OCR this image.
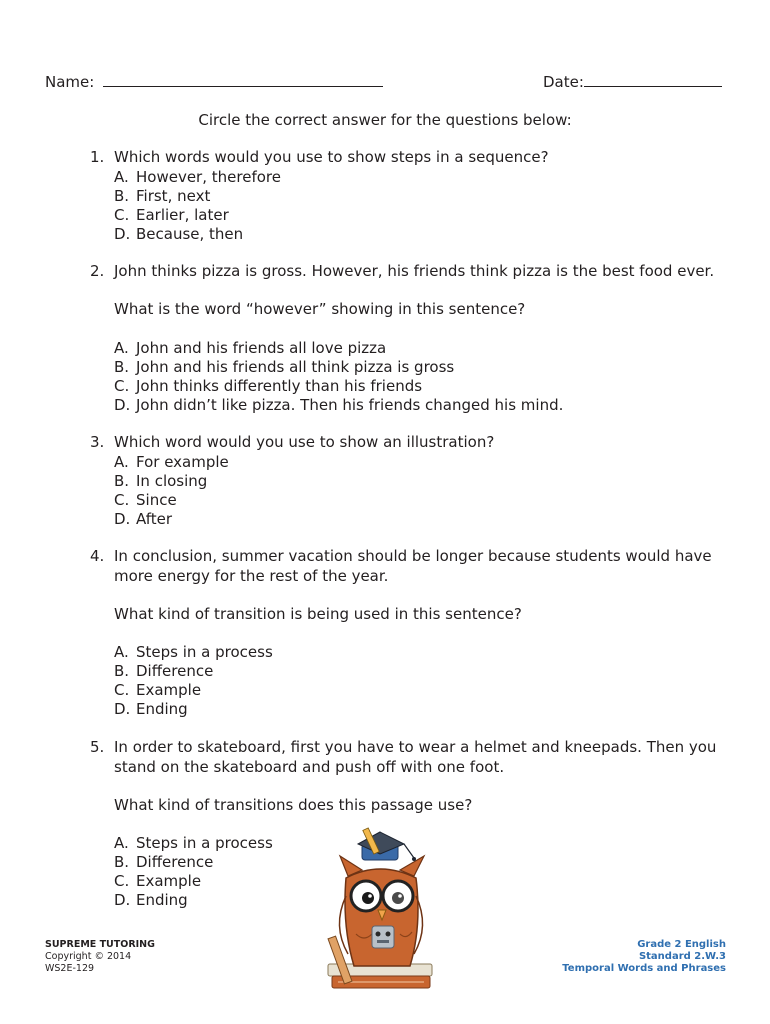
Name:	Date:
Circle the correct answer for the questions below:
1. Which words would you use to show steps in a sequence?
A. However, therefore
B. First, next
C. Earlier, later
D. Because, then
2. John thinks pizza is gross. However, his friends think pizza is the best food ever.
What is the word “however” showing in this sentence?
A. John and his friends all love pizza
B. John and his friends all think pizza is gross
C. John thinks differently than his friends
D. John didn’t like pizza. Then his friends changed his mind.
3. Which word would you use to show an illustration?
A. For example
B. In closing
C. Since
D. After
4. In conclusion, summer vacation should be longer because students would have
more energy for the rest of the year.
What kind of transition is being used in this sentence?
A. Steps in a process
B. Difference
C. Example
D. Ending
5. In order to skateboard, first you have to wear a helmet and kneepads. Then you
stand on the skateboard and push off with one foot.
What kind of transitions does this passage use?
A. Steps in a process
B. Difference
C. Example
D. Ending
SUPREME TUTORING
Copyright © 2014
WS2E-129
Grade 2 English
Standard 2.W.3
Temporal Words and Phrases
